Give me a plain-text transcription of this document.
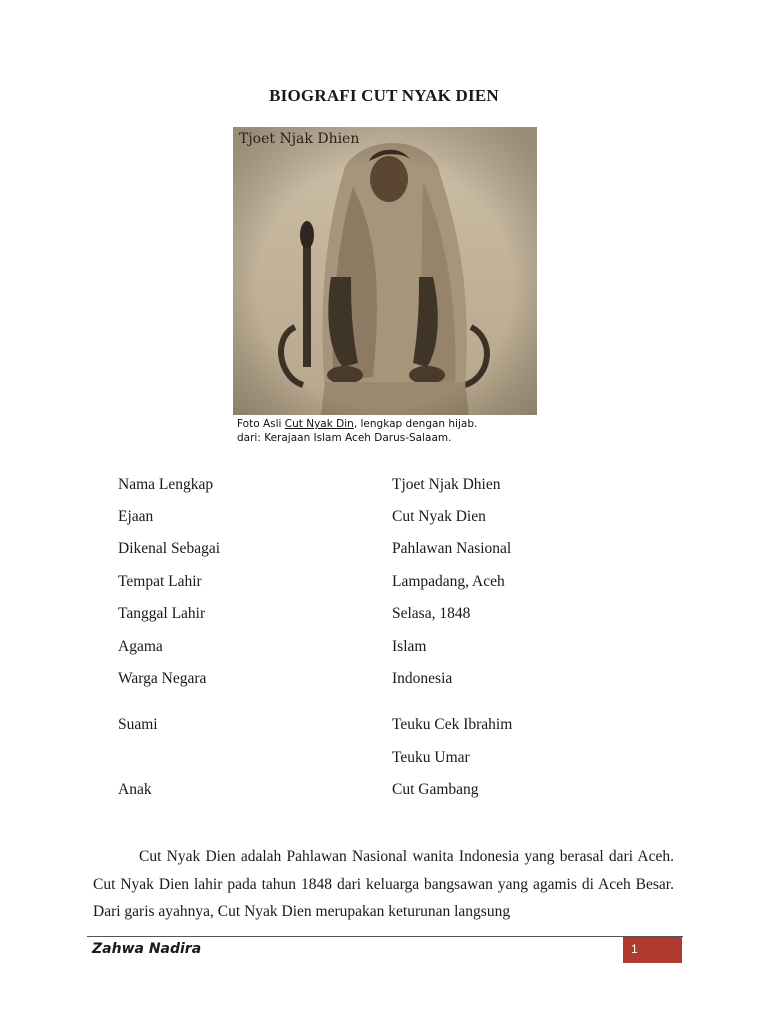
BIOGRAFI CUT NYAK DIEN
Tjoet Njak Dhien
Foto Asli Cut Nyak Din, lengkap dengan hijab.
dari: Kerajaan Islam Aceh Darus-Salaam.
Nama Lengkap	Tjoet Njak Dhien
Ejaan	Cut Nyak Dien
Dikenal Sebagai	Pahlawan Nasional
Tempat Lahir	Lampadang, Aceh
Tanggal Lahir	Selasa, 1848
Agama	Islam
Warga Negara	Indonesia
Suami	Teuku Cek Ibrahim
Teuku Umar
Anak	Cut Gambang
Cut Nyak Dien adalah Pahlawan Nasional wanita Indonesia yang berasal dari Aceh. Cut Nyak Dien lahir pada tahun 1848 dari keluarga bangsawan yang agamis di Aceh Besar. Dari garis ayahnya, Cut Nyak Dien merupakan keturunan langsung
Zahwa Nadira	1
